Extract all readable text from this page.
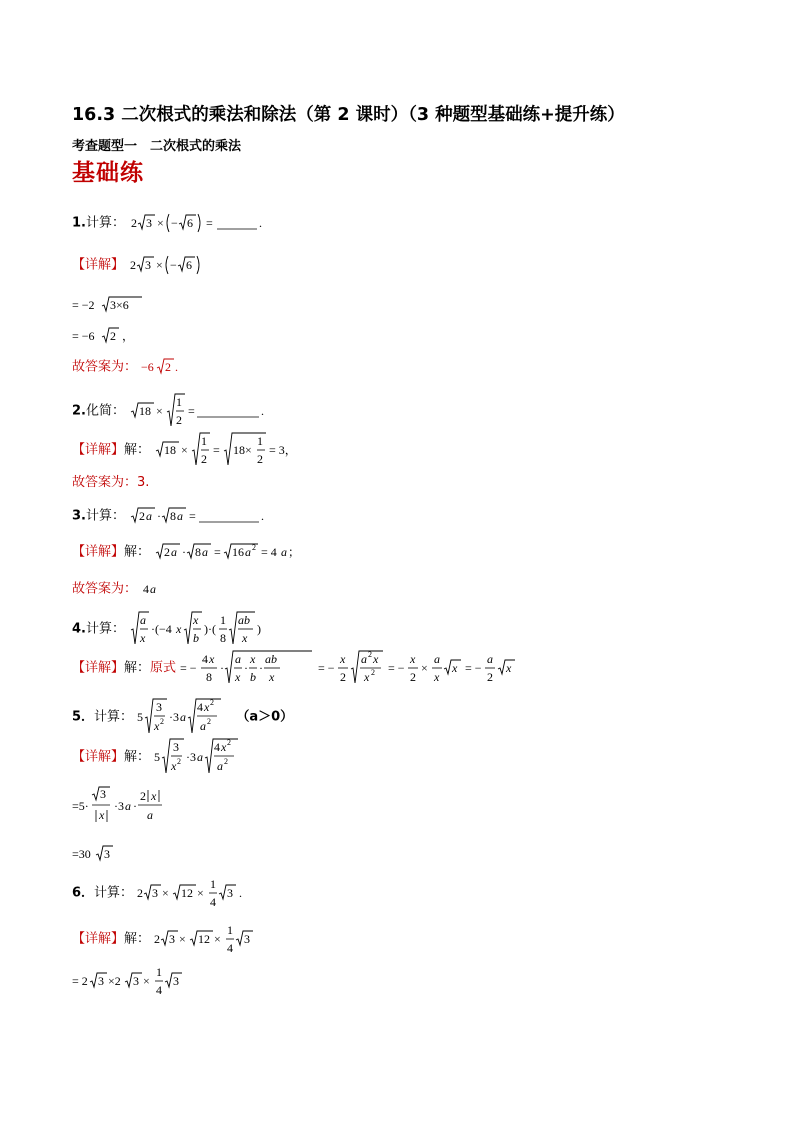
16.3 二次根式的乘法和除法（第 2 课时）（3 种题型基础练+提升练）
考查题型一　二次根式的乘法
基础练
1.计算： 2 3 × − 6 =	.
【详解】 2 3 × − 6
= −2 3×6
= −6 2 ，
故答案为： −6 2 .
2.化简： 18 ×
1
2
=	.
【详解】解： 18 ×
1
2
= 18×
1
2
= 3，
故答案为：3.
3.计算： 2 a · 8 a =	.
【详解】解： 2 a · 8 a = 16 a 2 = 4 a ；
故答案为： 4 a
4.计算：
a
x
·(−4 x
x
b
)·(
1
8
ab
x
)
【详解】解：原式 = −
4 x
8
·
a
x
·
x
b
·
ab
x
= −
x
2
a 2 x
x 2 = −
x
2
×
a
x
x = −
a
2
x
5．计算： 5
3
x 2 ·3 a
4 x 2
a 2 （a＞0）
【详解】解： 5
3
x 2 ·3 a
4 x 2
a 2
=5·
3
x
·3 a ·
2 x
a
=30 3
6．计算： 2 3 × 12 ×
1
4
3 .
【详解】解： 2 3 × 12 ×
1
4
3
= 2 3 ×2 3 ×
1
4
3
